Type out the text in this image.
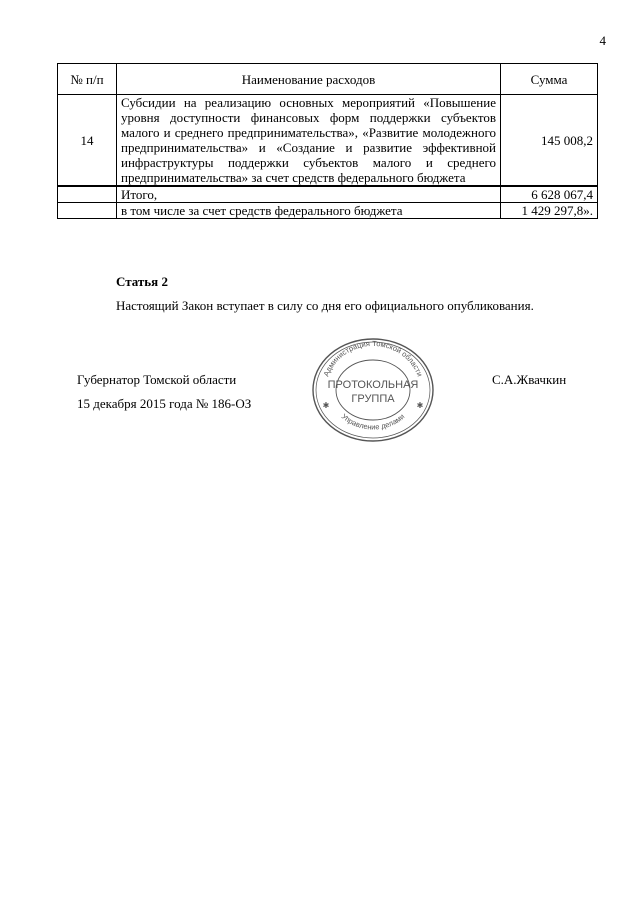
4
№ п/п	Наименование расходов	Сумма
14	Субсидии на реализацию основных мероприятий «Повышение уровня доступности финансовых форм поддержки субъектов малого и среднего предпринимательства», «Развитие молодежного предпринимательства» и «Создание и развитие эффективной инфраструктуры поддержки субъектов малого и среднего предпринимательства» за счет средств федерального бюджета	145 008,2
	Итого,	6 628 067,4
	в том числе за счет средств федерального бюджета	1 429 297,8».
Статья 2
Настоящий Закон вступает в силу со дня его официального опубликования.
Губернатор Томской области
15 декабря 2015 года № 186-ОЗ
С.А.Жвачкин
Администрация Томской области
Управление делами
ПРОТОКОЛЬНАЯ
ГРУППА
✱	✱
